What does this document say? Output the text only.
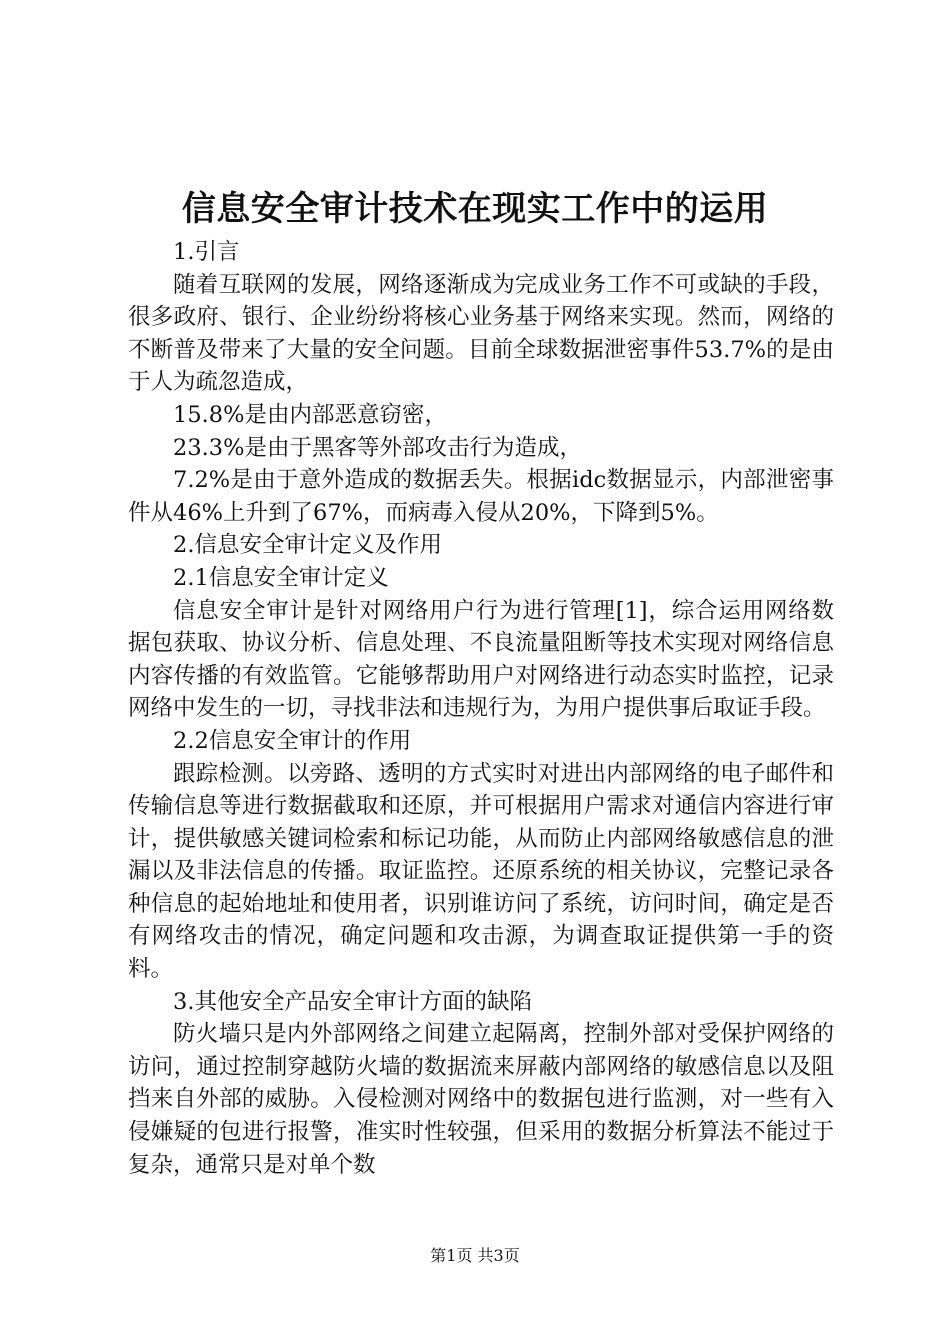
信息安全审计技术在现实工作中的运用

1.引言

随着互联网的发展，网络逐渐成为完成业务工作不可或缺的手段，很多政府、银行、企业纷纷将核心业务基于网络来实现。然而，网络的不断普及带来了大量的安全问题。目前全球数据泄密事件53.7%的是由于人为疏忽造成，

15.8%是由内部恶意窃密，

23.3%是由于黑客等外部攻击行为造成，

7.2%是由于意外造成的数据丢失。根据idc数据显示，内部泄密事件从46%上升到了67%，而病毒入侵从20%，下降到5%。

2.信息安全审计定义及作用

2.1信息安全审计定义

信息安全审计是针对网络用户行为进行管理[1]，综合运用网络数据包获取、协议分析、信息处理、不良流量阻断等技术实现对网络信息内容传播的有效监管。它能够帮助用户对网络进行动态实时监控，记录网络中发生的一切，寻找非法和违规行为，为用户提供事后取证手段。

2.2信息安全审计的作用

跟踪检测。以旁路、透明的方式实时对进出内部网络的电子邮件和传输信息等进行数据截取和还原，并可根据用户需求对通信内容进行审计，提供敏感关键词检索和标记功能，从而防止内部网络敏感信息的泄漏以及非法信息的传播。取证监控。还原系统的相关协议，完整记录各种信息的起始地址和使用者，识别谁访问了系统，访问时间，确定是否有网络攻击的情况，确定问题和攻击源，为调查取证提供第一手的资料。

3.其他安全产品安全审计方面的缺陷

防火墙只是内外部网络之间建立起隔离，控制外部对受保护网络的访问，通过控制穿越防火墙的数据流来屏蔽内部网络的敏感信息以及阻挡来自外部的威胁。入侵检测对网络中的数据包进行监测，对一些有入侵嫌疑的包进行报警，准实时性较强，但采用的数据分析算法不能过于复杂，通常只是对单个数

第1页 共3页
